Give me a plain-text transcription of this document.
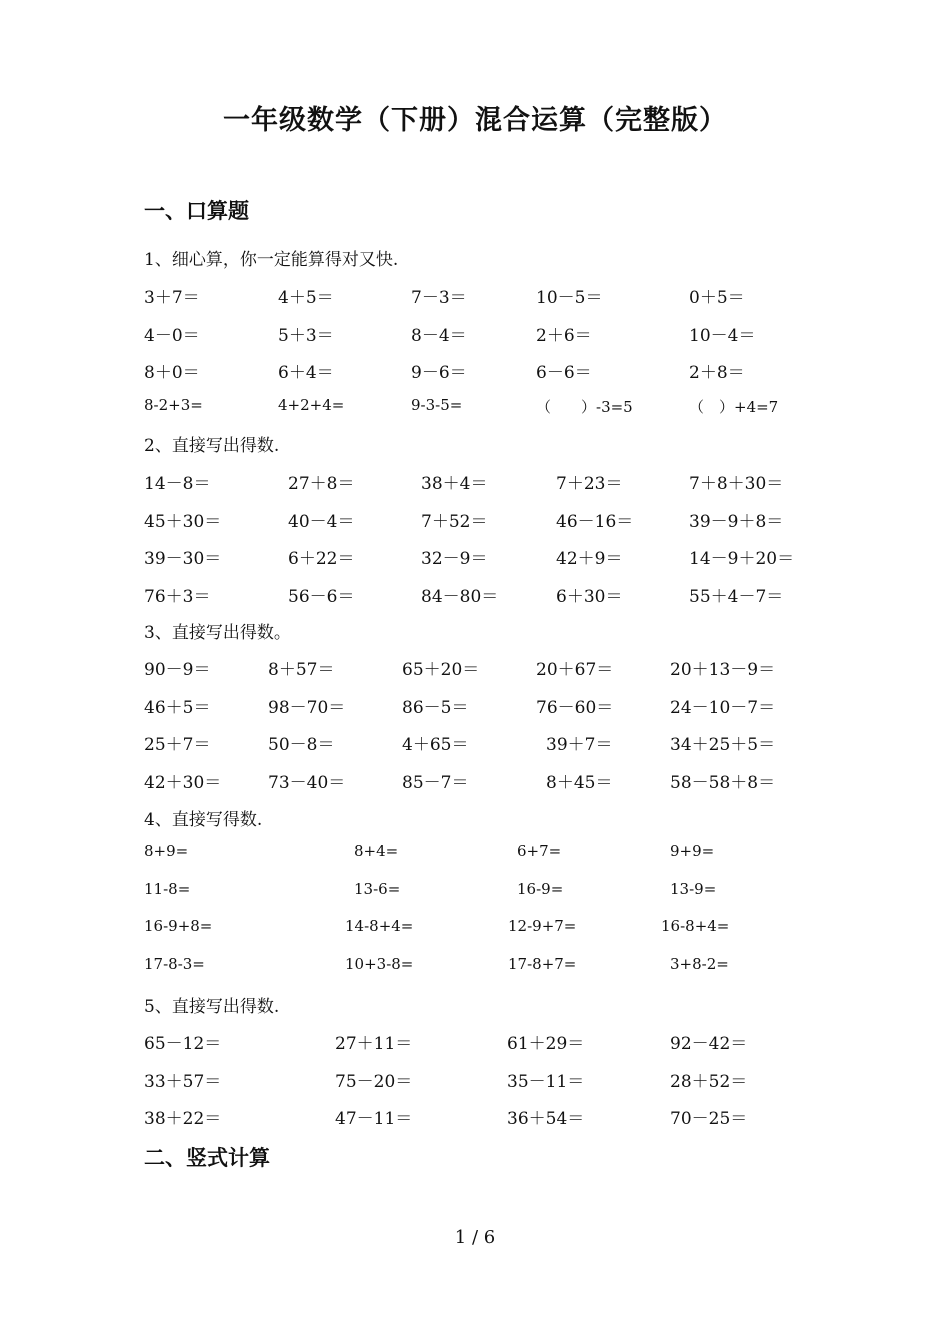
一年级数学（下册）混合运算（完整版）
一、口算题
1、细心算，你一定能算得对又快.
3＋7＝	4＋5＝	7－3＝	10－5＝	0＋5＝
4－0＝	5＋3＝	8－4＝	2＋6＝	10－4＝
8＋0＝	6＋4＝	9－6＝	6－6＝	2＋8＝
8-2+3=	4+2+4=	9-3-5=	（　　）-3=5	（　）+4=7
2、直接写出得数.
14－8＝	27＋8＝	38＋4＝	7＋23＝	7＋8＋30＝
45＋30＝	40－4＝	7＋52＝	46－16＝	39－9＋8＝
39－30＝	6＋22＝	32－9＝	42＋9＝	14－9＋20＝
76＋3＝	56－6＝	84－80＝	6＋30＝	55＋4－7＝
3、直接写出得数。
90－9＝	8＋57＝	65＋20＝	20＋67＝	20＋13－9＝
46＋5＝	98－70＝	86－5＝	76－60＝	24－10－7＝
25＋7＝	50－8＝	4＋65＝	39＋7＝	34＋25＋5＝
42＋30＝	73－40＝	85－7＝	8＋45＝	58－58＋8＝
4、直接写得数.
8+9=	8+4=	6+7=	9+9=
11-8=	13-6=	16-9=	13-9=
16-9+8=	14-8+4=	12-9+7=	16-8+4=
17-8-3=	10+3-8=	17-8+7=	3+8-2=
5、直接写出得数.
65－12＝	27＋11＝	61＋29＝	92－42＝
33＋57＝	75－20＝	35－11＝	28＋52＝
38＋22＝	47－11＝	36＋54＝	70－25＝
二、竖式计算
1 / 6
